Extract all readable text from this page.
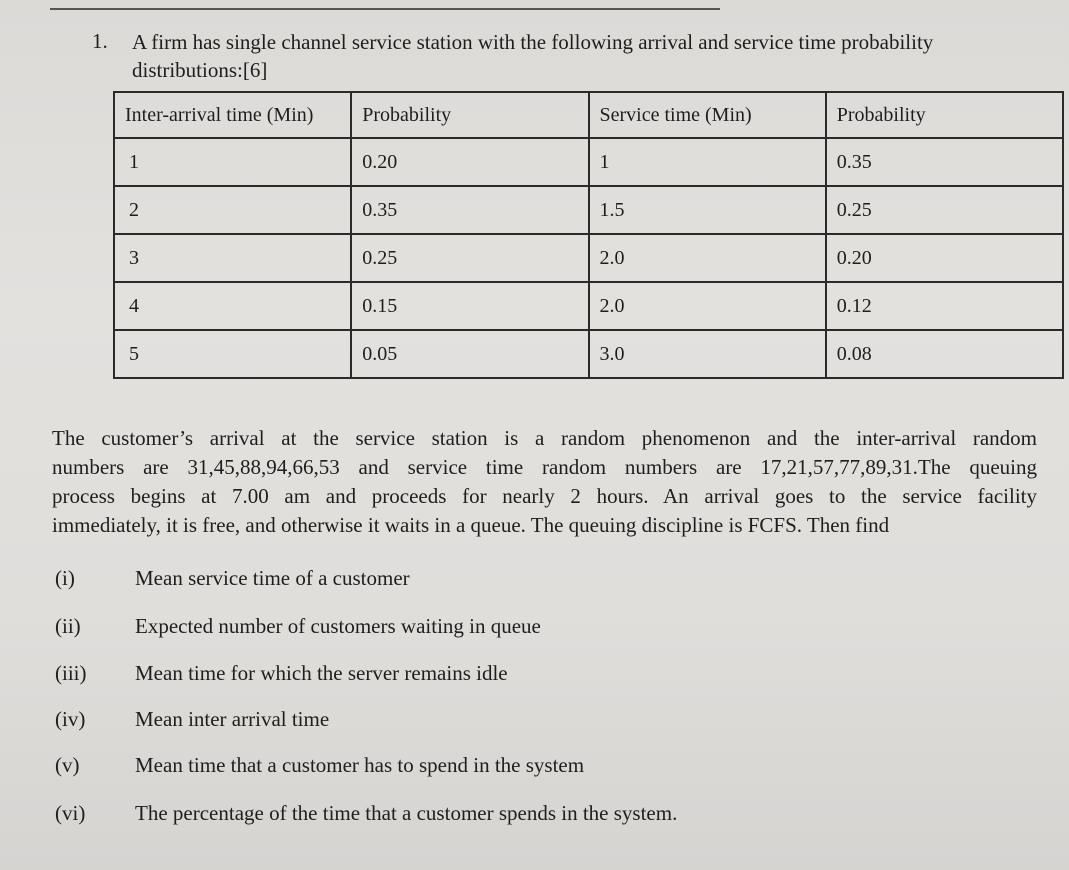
1. A firm has single channel service station with the following arrival and service time probability
distributions:[6]
Inter-arrival time (Min)	Probability	Service time (Min)	Probability
1	0.20	1	0.35
2	0.35	1.5	0.25
3	0.25	2.0	0.20
4	0.15	2.0	0.12
5	0.05	3.0	0.08
The customer’s arrival at the service station is a random phenomenon and the inter-arrival random
numbers are 31,45,88,94,66,53 and service time random numbers are 17,21,57,77,89,31.The queuing
process begins at 7.00 am and proceeds for nearly 2 hours. An arrival goes to the service facility
immediately, it is free, and otherwise it waits in a queue. The queuing discipline is FCFS. Then find
(i)	Mean service time of a customer
(ii)	Expected number of customers waiting in queue
(iii) Mean time for which the server remains idle
(iv) Mean inter arrival time
(v)	Mean time that a customer has to spend in the system
(vi) The percentage of the time that a customer spends in the system.
